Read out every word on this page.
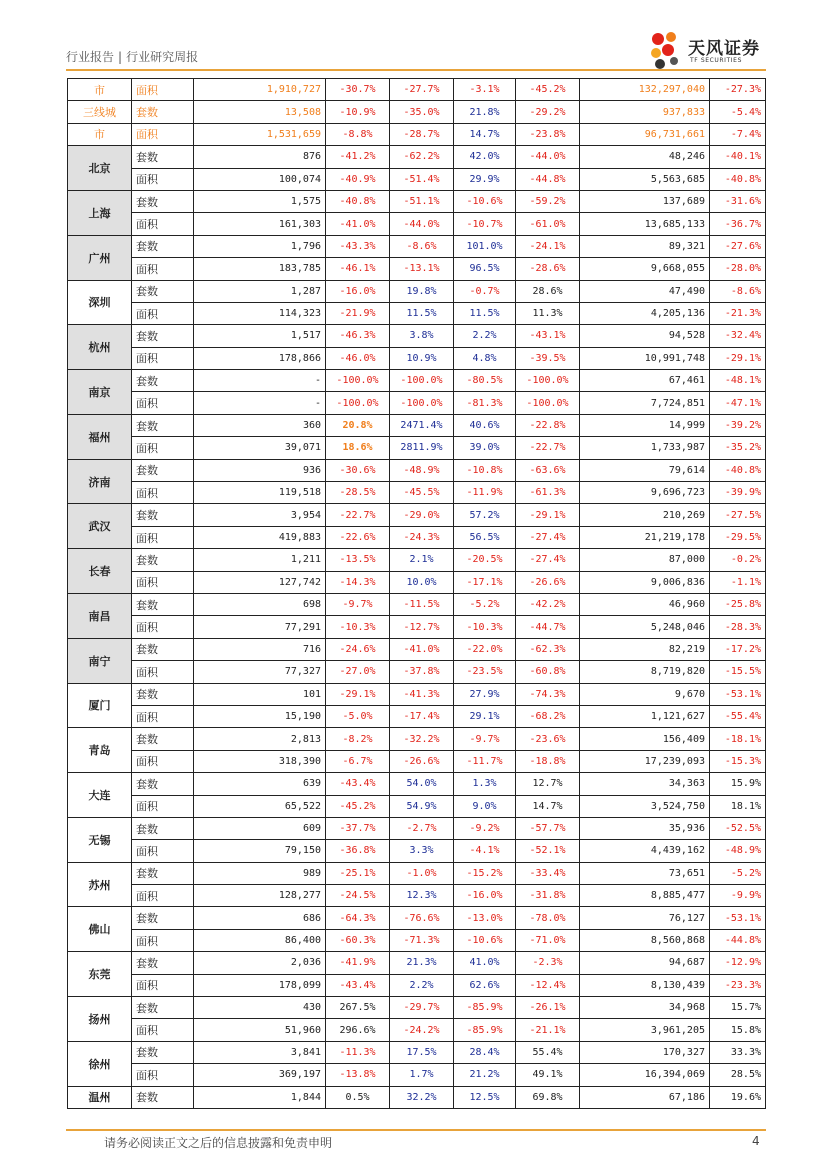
行业报告 | 行业研究周报	天风证券
TF SECURITIES
市	面积	1,910,727	-30.7%	-27.7%	-3.1%	-45.2%	132,297,040	-27.3%
三线城	套数	13,508	-10.9%	-35.0%	21.8%	-29.2%	937,833	-5.4%
市	面积	1,531,659	-8.8%	-28.7%	14.7%	-23.8%	96,731,661	-7.4%
北京	套数	876	-41.2%	-62.2%	42.0%	-44.0%	48,246	-40.1%
	面积	100,074	-40.9%	-51.4%	29.9%	-44.8%	5,563,685	-40.8%
上海	套数	1,575	-40.8%	-51.1%	-10.6%	-59.2%	137,689	-31.6%
	面积	161,303	-41.0%	-44.0%	-10.7%	-61.0%	13,685,133	-36.7%
广州	套数	1,796	-43.3%	-8.6%	101.0%	-24.1%	89,321	-27.6%
	面积	183,785	-46.1%	-13.1%	96.5%	-28.6%	9,668,055	-28.0%
深圳	套数	1,287	-16.0%	19.8%	-0.7%	28.6%	47,490	-8.6%
	面积	114,323	-21.9%	11.5%	11.5%	11.3%	4,205,136	-21.3%
杭州	套数	1,517	-46.3%	3.8%	2.2%	-43.1%	94,528	-32.4%
	面积	178,866	-46.0%	10.9%	4.8%	-39.5%	10,991,748	-29.1%
南京	套数	-	-100.0%	-100.0%	-80.5%	-100.0%	67,461	-48.1%
	面积	-	-100.0%	-100.0%	-81.3%	-100.0%	7,724,851	-47.1%
福州	套数	360	20.8%	2471.4%	40.6%	-22.8%	14,999	-39.2%
	面积	39,071	18.6%	2811.9%	39.0%	-22.7%	1,733,987	-35.2%
济南	套数	936	-30.6%	-48.9%	-10.8%	-63.6%	79,614	-40.8%
	面积	119,518	-28.5%	-45.5%	-11.9%	-61.3%	9,696,723	-39.9%
武汉	套数	3,954	-22.7%	-29.0%	57.2%	-29.1%	210,269	-27.5%
	面积	419,883	-22.6%	-24.3%	56.5%	-27.4%	21,219,178	-29.5%
长春	套数	1,211	-13.5%	2.1%	-20.5%	-27.4%	87,000	-0.2%
	面积	127,742	-14.3%	10.0%	-17.1%	-26.6%	9,006,836	-1.1%
南昌	套数	698	-9.7%	-11.5%	-5.2%	-42.2%	46,960	-25.8%
	面积	77,291	-10.3%	-12.7%	-10.3%	-44.7%	5,248,046	-28.3%
南宁	套数	716	-24.6%	-41.0%	-22.0%	-62.3%	82,219	-17.2%
	面积	77,327	-27.0%	-37.8%	-23.5%	-60.8%	8,719,820	-15.5%
厦门	套数	101	-29.1%	-41.3%	27.9%	-74.3%	9,670	-53.1%
	面积	15,190	-5.0%	-17.4%	29.1%	-68.2%	1,121,627	-55.4%
青岛	套数	2,813	-8.2%	-32.2%	-9.7%	-23.6%	156,409	-18.1%
	面积	318,390	-6.7%	-26.6%	-11.7%	-18.8%	17,239,093	-15.3%
大连	套数	639	-43.4%	54.0%	1.3%	12.7%	34,363	15.9%
	面积	65,522	-45.2%	54.9%	9.0%	14.7%	3,524,750	18.1%
无锡	套数	609	-37.7%	-2.7%	-9.2%	-57.7%	35,936	-52.5%
	面积	79,150	-36.8%	3.3%	-4.1%	-52.1%	4,439,162	-48.9%
苏州	套数	989	-25.1%	-1.0%	-15.2%	-33.4%	73,651	-5.2%
	面积	128,277	-24.5%	12.3%	-16.0%	-31.8%	8,885,477	-9.9%
佛山	套数	686	-64.3%	-76.6%	-13.0%	-78.0%	76,127	-53.1%
	面积	86,400	-60.3%	-71.3%	-10.6%	-71.0%	8,560,868	-44.8%
东莞	套数	2,036	-41.9%	21.3%	41.0%	-2.3%	94,687	-12.9%
	面积	178,099	-43.4%	2.2%	62.6%	-12.4%	8,130,439	-23.3%
扬州	套数	430	267.5%	-29.7%	-85.9%	-26.1%	34,968	15.7%
	面积	51,960	296.6%	-24.2%	-85.9%	-21.1%	3,961,205	15.8%
徐州	套数	3,841	-11.3%	17.5%	28.4%	55.4%	170,327	33.3%
	面积	369,197	-13.8%	1.7%	21.2%	49.1%	16,394,069	28.5%
温州	套数	1,844	0.5%	32.2%	12.5%	69.8%	67,186	19.6%
请务必阅读正文之后的信息披露和免责申明	4
